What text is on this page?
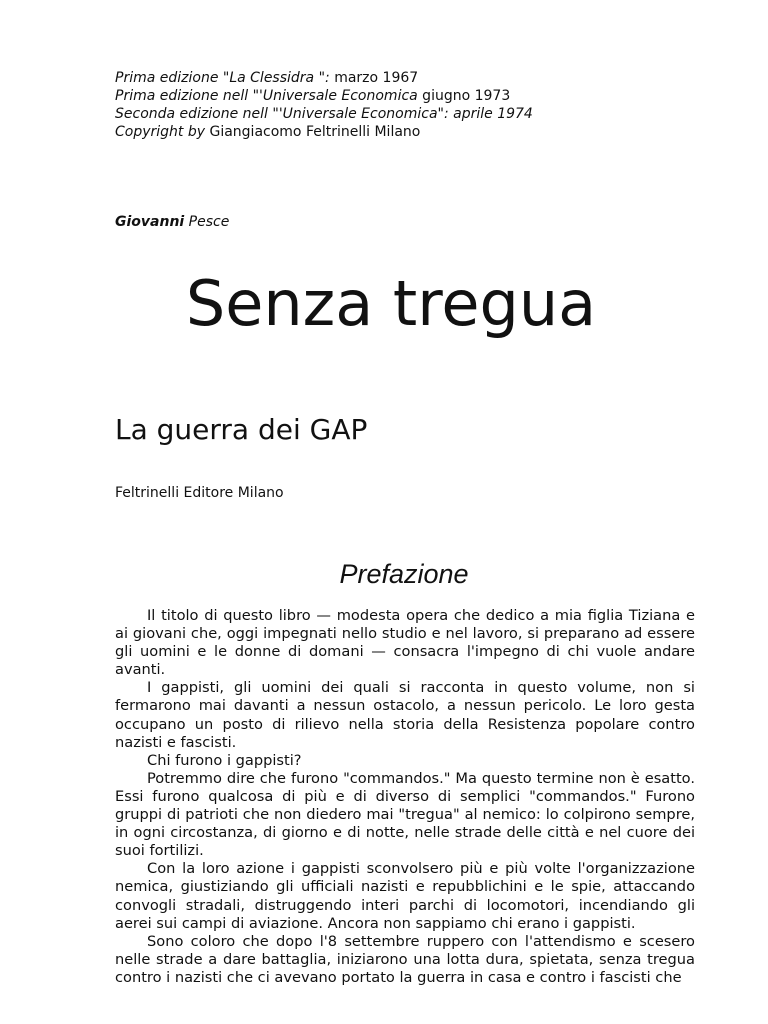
Prima edizione "La Clessidra ": marzo 1967
Prima edizione nell "'Universale Economica giugno 1973
Seconda edizione nell "'Universale Economica": aprile 1974
Copyright by Giangiacomo Feltrinelli Milano
Giovanni Pesce
Senza tregua
La guerra dei GAP
Feltrinelli Editore Milano
Prefazione

Il titolo di questo libro — modesta opera che dedico a mia figlia Tiziana e ai giovani che, oggi impegnati nello studio e nel lavoro, si preparano ad essere gli uomini e le donne di domani — consacra l'impegno di chi vuole andare avanti.

I gappisti, gli uomini dei quali si racconta in questo volume, non si fermarono mai davanti a nessun ostacolo, a nessun pericolo. Le loro gesta occupano un posto di rilievo nella storia della Resistenza popolare contro nazisti e fascisti.

Chi furono i gappisti?

Potremmo dire che furono "commandos." Ma questo termine non è esatto. Essi furono qualcosa di più e di diverso di semplici "commandos." Furono gruppi di patrioti che non diedero mai "tregua" al nemico: lo colpirono sempre, in ogni circostanza, di giorno e di notte, nelle strade delle città e nel cuore dei suoi fortilizi.

Con la loro azione i gappisti sconvolsero più e più volte l'organizzazione nemica, giustiziando gli ufficiali nazisti e repubblichini e le spie, attaccando convogli stradali, distruggendo interi parchi di locomotori, incendiando gli aerei sui campi di aviazione. Ancora non sappiamo chi erano i gappisti.

Sono coloro che dopo l'8 settembre ruppero con l'attendismo e scesero nelle strade a dare battaglia, iniziarono una lotta dura, spietata, senza tregua contro i nazisti che ci avevano portato la guerra in casa e contro i fascisti che
